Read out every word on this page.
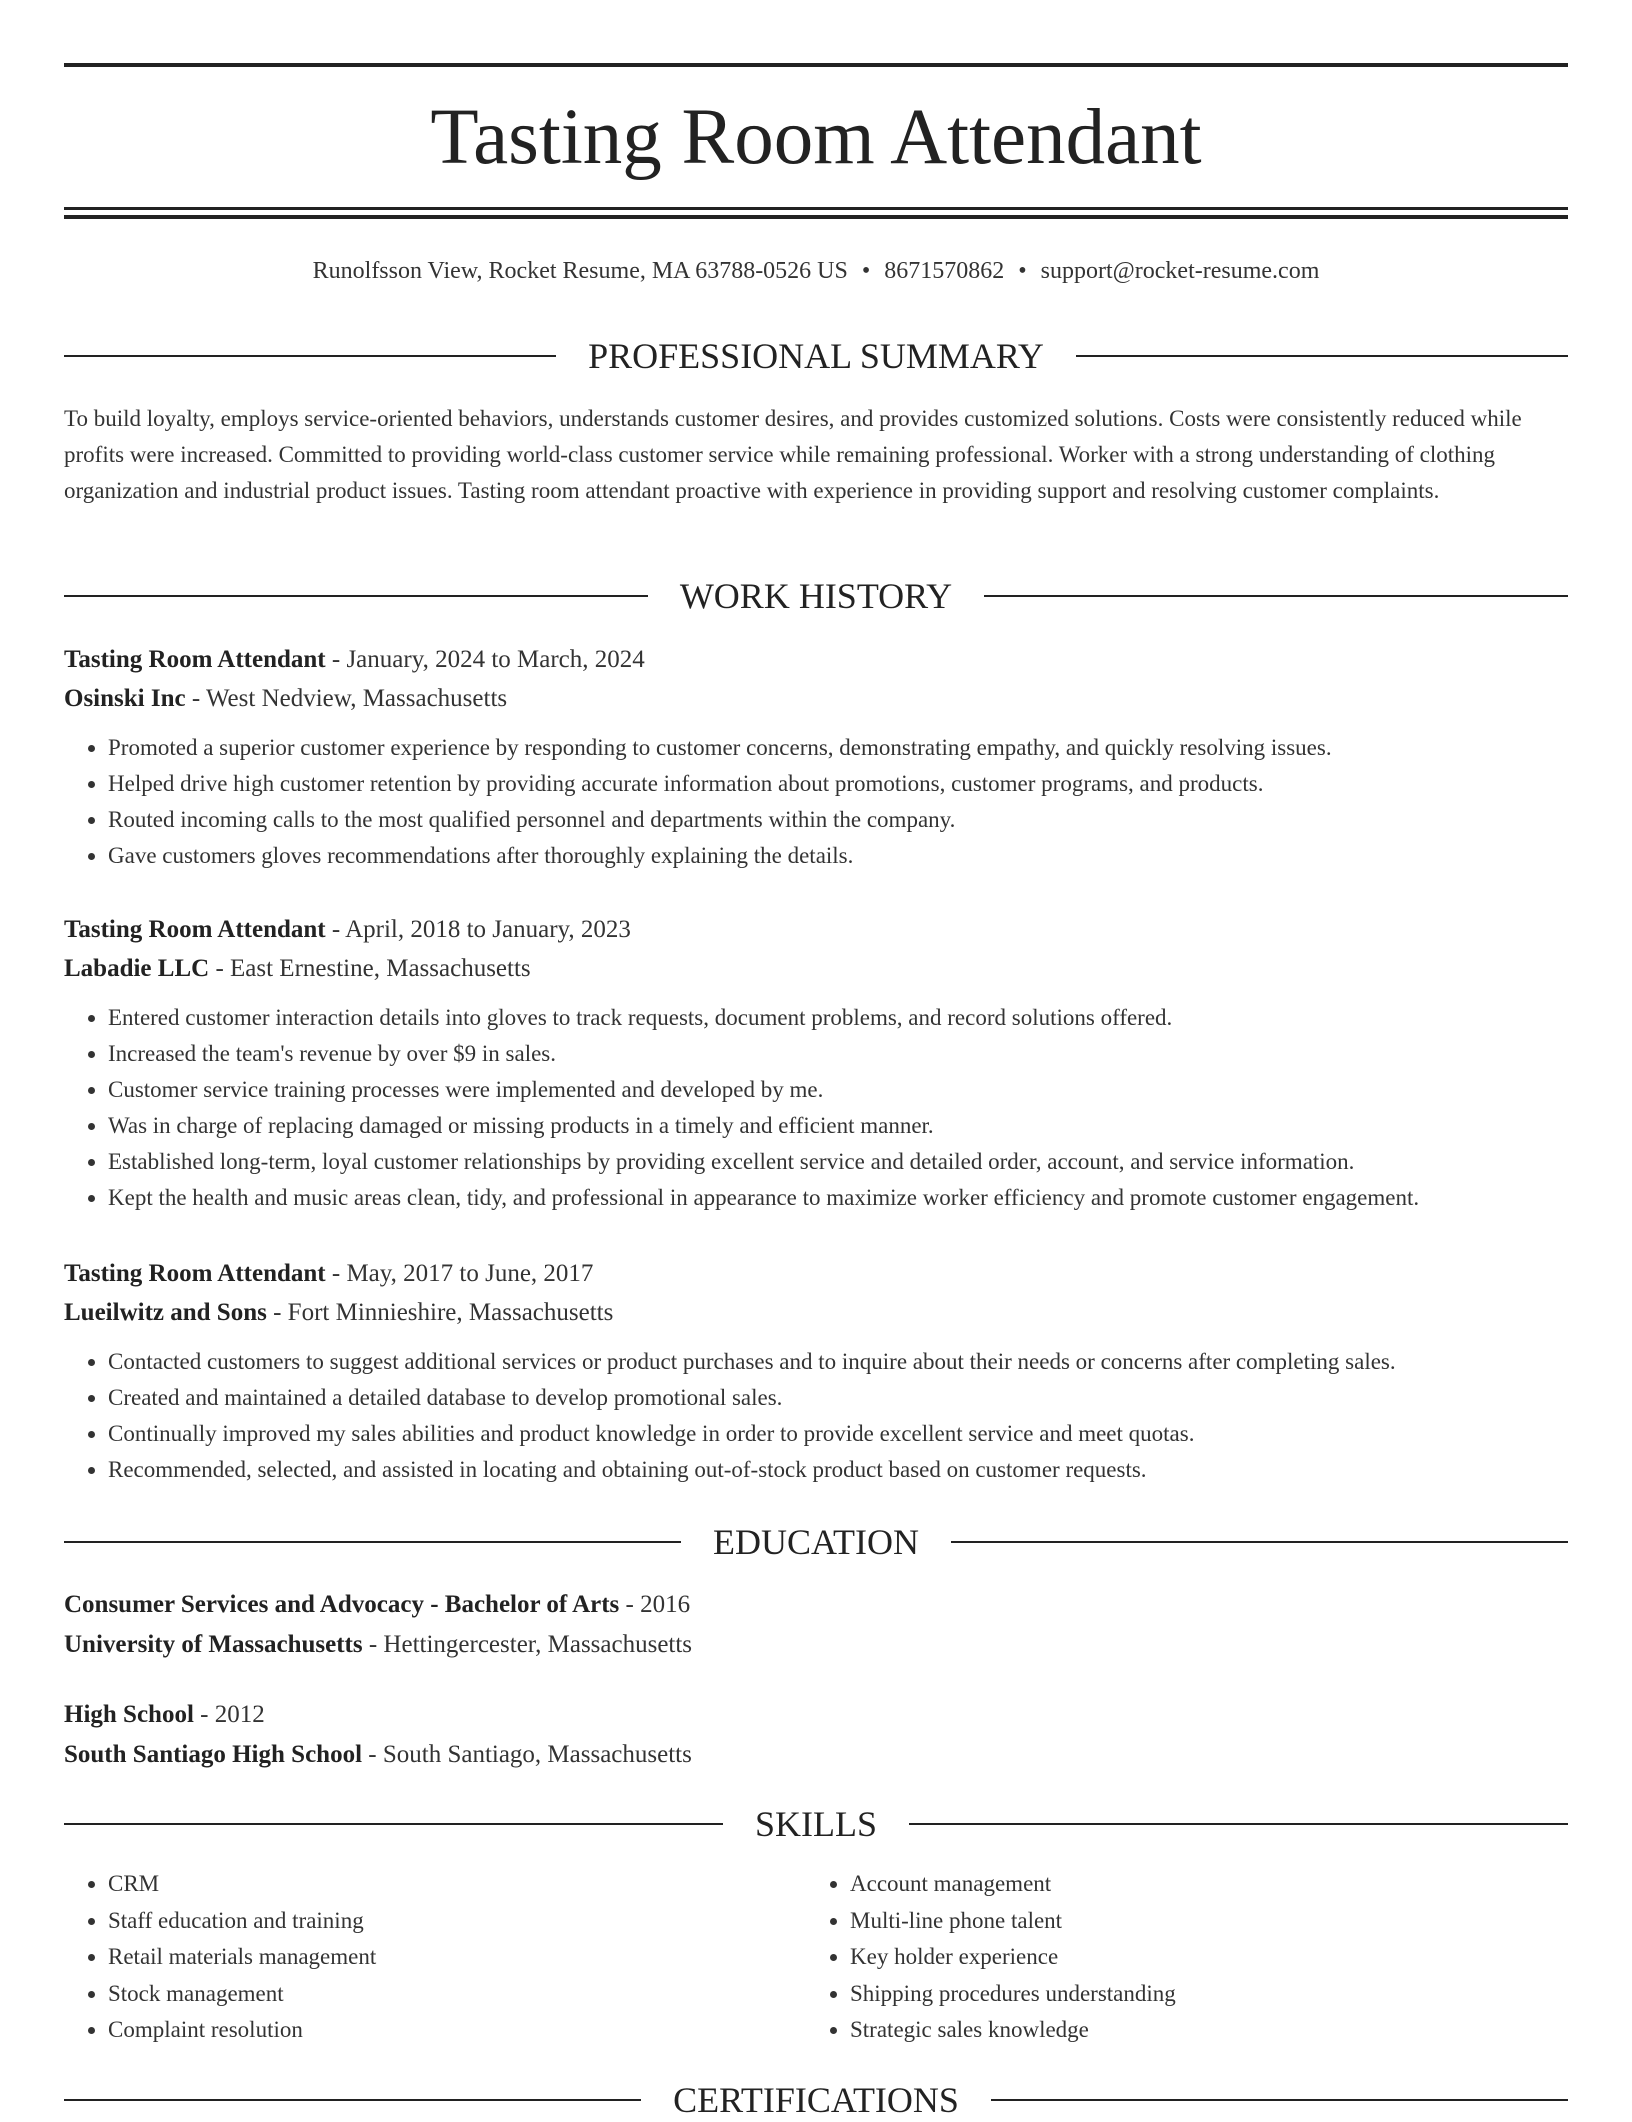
Tasting Room Attendant
Runolfsson View, Rocket Resume, MA 63788-0526 US • 8671570862 • support@rocket-resume.com
PROFESSIONAL SUMMARY
To build loyalty, employs service-oriented behaviors, understands customer desires, and provides customized solutions. Costs were consistently reduced while profits were increased. Committed to providing world-class customer service while remaining professional. Worker with a strong understanding of clothing organization and industrial product issues. Tasting room attendant proactive with experience in providing support and resolving customer complaints.
WORK HISTORY
Tasting Room Attendant - January, 2024 to March, 2024
Osinski Inc - West Nedview, Massachusetts
• Promoted a superior customer experience by responding to customer concerns, demonstrating empathy, and quickly resolving issues.
• Helped drive high customer retention by providing accurate information about promotions, customer programs, and products.
• Routed incoming calls to the most qualified personnel and departments within the company.
• Gave customers gloves recommendations after thoroughly explaining the details.
Tasting Room Attendant - April, 2018 to January, 2023
Labadie LLC - East Ernestine, Massachusetts
• Entered customer interaction details into gloves to track requests, document problems, and record solutions offered.
• Increased the team's revenue by over $9 in sales.
• Customer service training processes were implemented and developed by me.
• Was in charge of replacing damaged or missing products in a timely and efficient manner.
• Established long-term, loyal customer relationships by providing excellent service and detailed order, account, and service information.
• Kept the health and music areas clean, tidy, and professional in appearance to maximize worker efficiency and promote customer engagement.
Tasting Room Attendant - May, 2017 to June, 2017
Lueilwitz and Sons - Fort Minnieshire, Massachusetts
• Contacted customers to suggest additional services or product purchases and to inquire about their needs or concerns after completing sales.
• Created and maintained a detailed database to develop promotional sales.
• Continually improved my sales abilities and product knowledge in order to provide excellent service and meet quotas.
• Recommended, selected, and assisted in locating and obtaining out-of-stock product based on customer requests.
EDUCATION
Consumer Services and Advocacy - Bachelor of Arts - 2016
University of Massachusetts - Hettingercester, Massachusetts
High School - 2012
South Santiago High School - South Santiago, Massachusetts
SKILLS
• CRM
• Staff education and training
• Retail materials management
• Stock management
• Complaint resolution
• Account management
• Multi-line phone talent
• Key holder experience
• Shipping procedures understanding
• Strategic sales knowledge
CERTIFICATIONS
